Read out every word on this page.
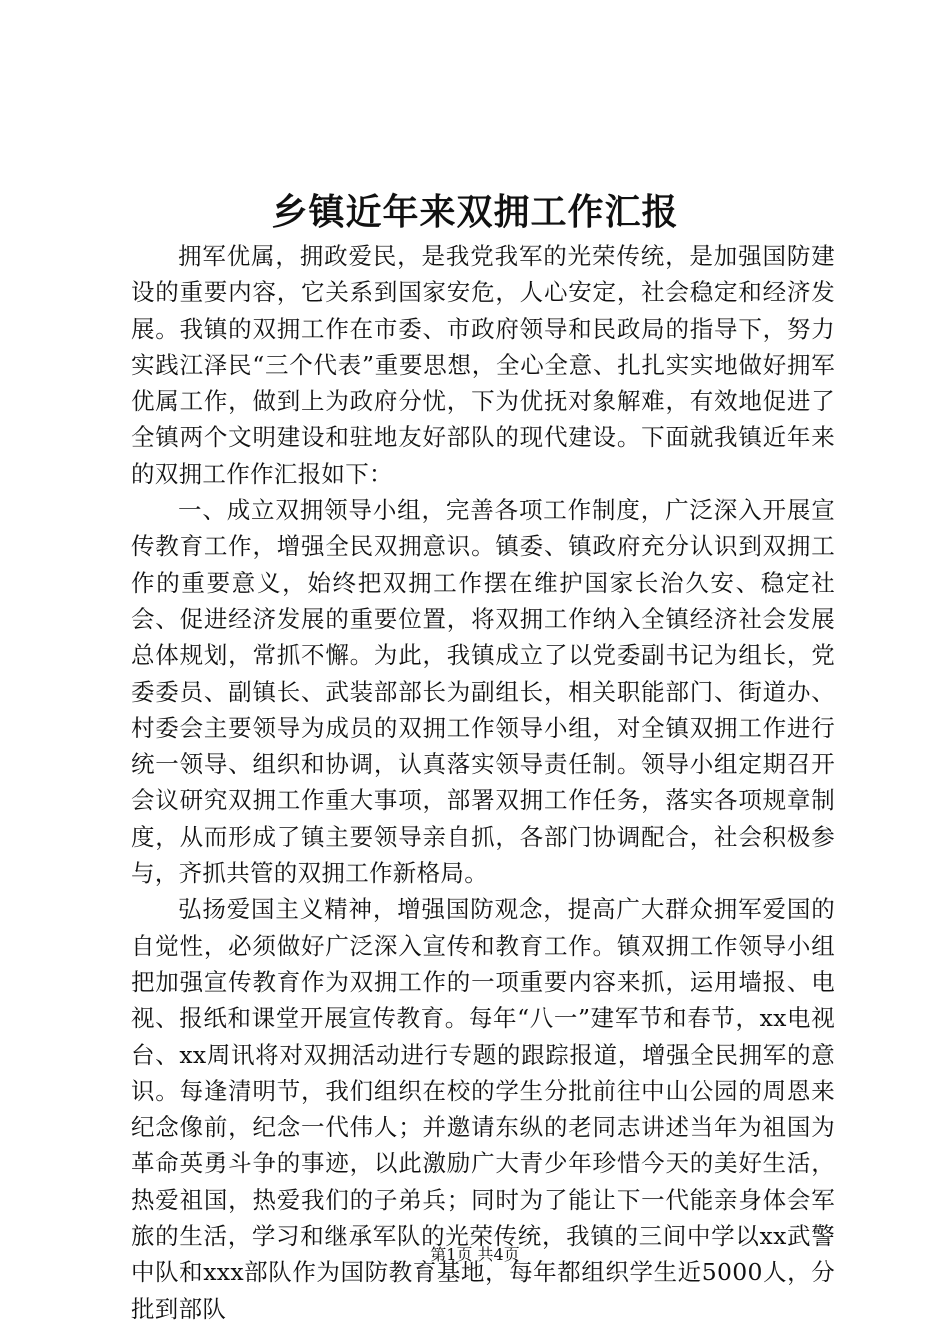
乡镇近年来双拥工作汇报

拥军优属，拥政爱民，是我党我军的光荣传统，是加强国防建设的重要内容，它关系到国家安危，人心安定，社会稳定和经济发展。我镇的双拥工作在市委、市政府领导和民政局的指导下，努力实践江泽民“三个代表”重要思想，全心全意、扎扎实实地做好拥军优属工作，做到上为政府分忧，下为优抚对象解难，有效地促进了全镇两个文明建设和驻地友好部队的现代建设。下面就我镇近年来的双拥工作作汇报如下：

一、成立双拥领导小组，完善各项工作制度，广泛深入开展宣传教育工作，增强全民双拥意识。镇委、镇政府充分认识到双拥工作的重要意义，始终把双拥工作摆在维护国家长治久安、稳定社会、促进经济发展的重要位置，将双拥工作纳入全镇经济社会发展总体规划，常抓不懈。为此，我镇成立了以党委副书记为组长，党委委员、副镇长、武装部部长为副组长，相关职能部门、街道办、村委会主要领导为成员的双拥工作领导小组，对全镇双拥工作进行统一领导、组织和协调，认真落实领导责任制。领导小组定期召开会议研究双拥工作重大事项，部署双拥工作任务，落实各项规章制度，从而形成了镇主要领导亲自抓，各部门协调配合，社会积极参与，齐抓共管的双拥工作新格局。

弘扬爱国主义精神，增强国防观念，提高广大群众拥军爱国的自觉性，必须做好广泛深入宣传和教育工作。镇双拥工作领导小组把加强宣传教育作为双拥工作的一项重要内容来抓，运用墙报、电视、报纸和课堂开展宣传教育。每年“八一”建军节和春节，xx电视台、xx周讯将对双拥活动进行专题的跟踪报道，增强全民拥军的意识。每逢清明节，我们组织在校的学生分批前往中山公园的周恩来纪念像前，纪念一代伟人；并邀请东纵的老同志讲述当年为祖国为革命英勇斗争的事迹，以此激励广大青少年珍惜今天的美好生活，热爱祖国，热爱我们的子弟兵；同时为了能让下一代能亲身体会军旅的生活，学习和继承军队的光荣传统，我镇的三间中学以xx武警中队和xxx部队作为国防教育基地，每年都组织学生近5000人，分批到部队

第1页 共4页
